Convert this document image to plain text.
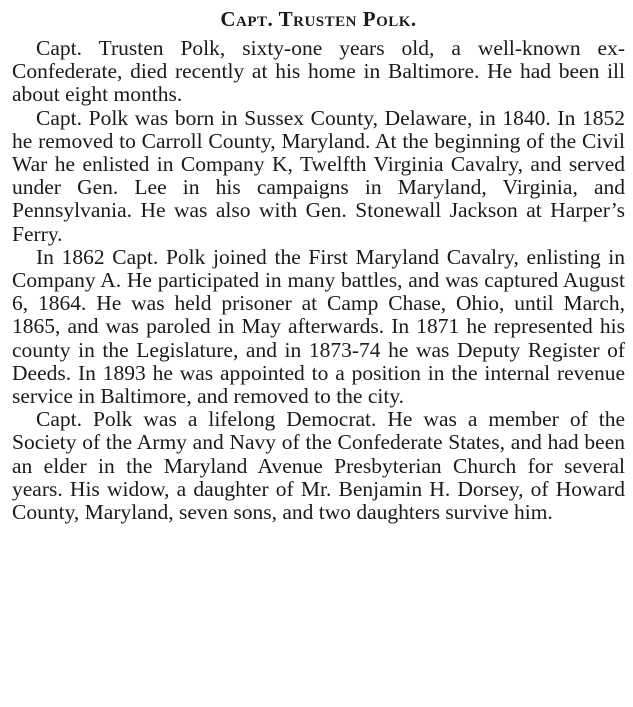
Capt. Trusten Polk.

Capt. Trusten Polk, sixty-one years old, a well-known ex-Confederate, died recently at his home in Baltimore. He had been ill about eight months.

Capt. Polk was born in Sussex County, Delaware, in 1840. In 1852 he removed to Carroll County, Maryland. At the beginning of the Civil War he enlisted in Company K, Twelfth Virginia Cavalry, and served under Gen. Lee in his campaigns in Maryland, Virginia, and Pennsylvania. He was also with Gen. Stonewall Jackson at Harper’s Ferry.

In 1862 Capt. Polk joined the First Maryland Cavalry, enlisting in Company A. He participated in many battles, and was captured August 6, 1864. He was held prisoner at Camp Chase, Ohio, until March, 1865, and was paroled in May afterwards. In 1871 he represented his county in the Legislature, and in 1873-74 he was Deputy Register of Deeds. In 1893 he was appointed to a position in the internal revenue service in Baltimore, and removed to the city.

Capt. Polk was a lifelong Democrat. He was a member of the Society of the Army and Navy of the Confederate States, and had been an elder in the Maryland Avenue Presbyterian Church for several years. His widow, a daughter of Mr. Benjamin H. Dorsey, of Howard County, Maryland, seven sons, and two daughters survive him.
